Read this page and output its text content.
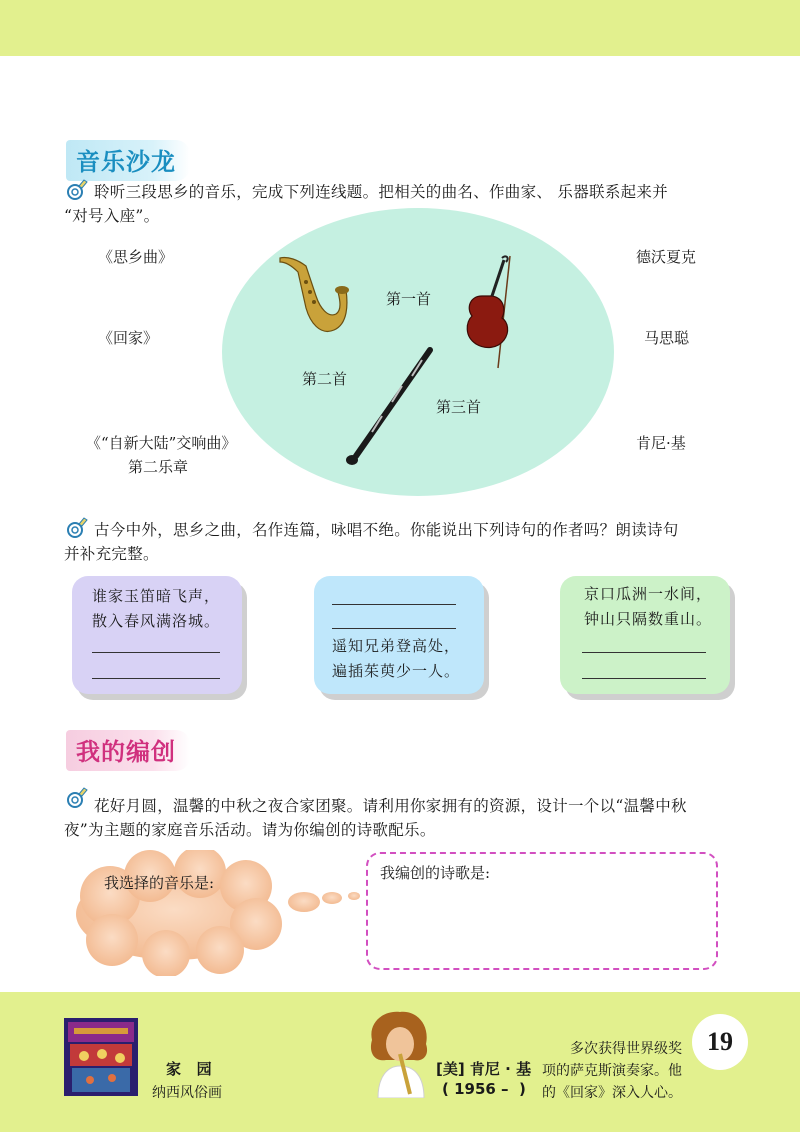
音乐沙龙
聆听三段思乡的音乐，完成下列连线题。把相关的曲名、作曲家、 乐器联系起来并
“对号入座”。
《思乡曲》
《回家》
《“自新大陆”交响曲》
第二乐章
德沃夏克
马思聪
肯尼·基
第一首
第二首
第三首
古今中外，思乡之曲，名作连篇，咏唱不绝。你能说出下列诗句的作者吗？朗读诗句
并补充完整。
谁家玉笛暗飞声，
散入春风满洛城。
遥知兄弟登高处，
遍插茱萸少一人。
京口瓜洲一水间，
钟山只隔数重山。
我的编创
花好月圆，温馨的中秋之夜合家团聚。请利用你家拥有的资源，设计一个以“温馨中秋
夜”为主题的家庭音乐活动。请为你编创的诗歌配乐。
我选择的音乐是:
我编创的诗歌是:
家   园
纳西风俗画
[美] 肯尼 · 基
( 1956 –  )
多次获得世界级奖
项的萨克斯演奏家。他
的《回家》深入人心。
19
